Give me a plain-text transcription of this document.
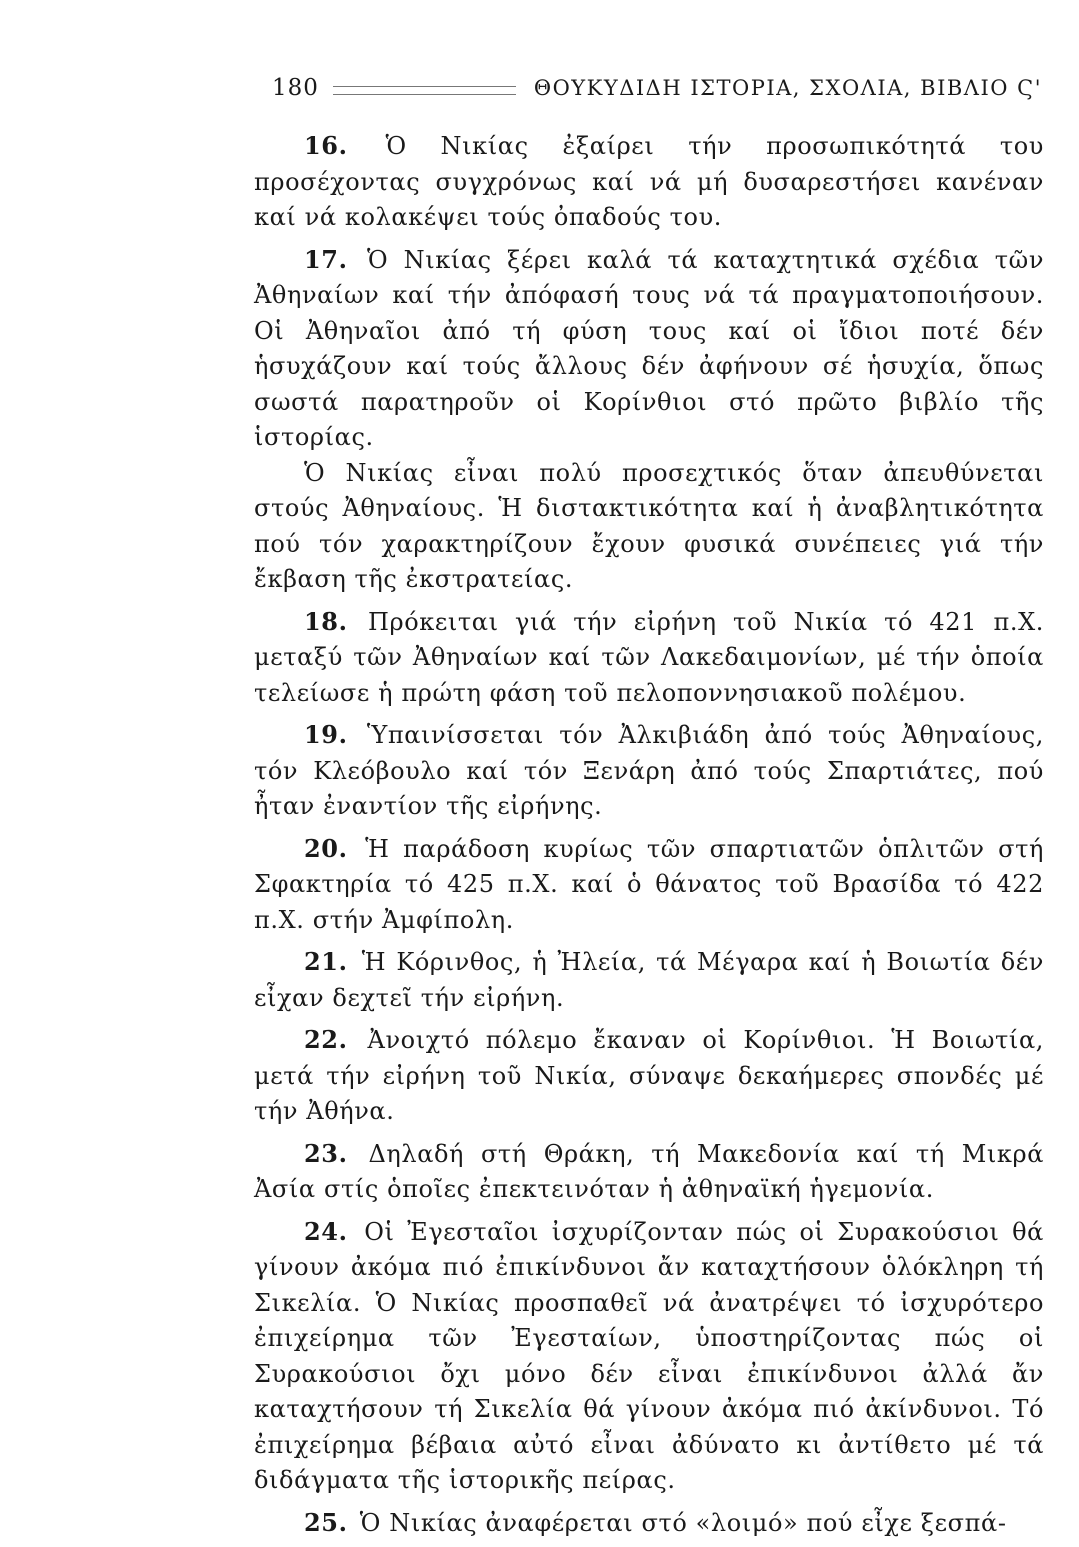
180	ΘΟΥΚΥΔΙΔΗ ΙΣΤΟΡΙΑ, ΣΧΟΛΙΑ, ΒΙΒΛΙΟ Ϛ'

16. Ὁ Νικίας ἐξαίρει τήν προσωπικότητά του προσέχοντας συγχρόνως καί νά μή δυσαρεστήσει κανέναν καί νά κολακέψει τούς ὀπαδούς του.

17. Ὁ Νικίας ξέρει καλά τά καταχτητικά σχέδια τῶν Ἀθηναίων καί τήν ἀπόφασή τους νά τά πραγματοποιήσουν. Οἱ Ἀθηναῖοι ἀπό τή φύση τους καί οἱ ἴδιοι ποτέ δέν ἡσυχάζουν καί τούς ἄλλους δέν ἀφήνουν σέ ἡσυχία, ὅπως σωστά παρατηροῦν οἱ Κορίνθιοι στό πρῶτο βιβλίο τῆς ἱστορίας.

Ὁ Νικίας εἶναι πολύ προσεχτικός ὅταν ἀπευθύνεται στούς Ἀθηναίους. Ἡ διστακτικότητα καί ἡ ἀναβλητικότητα πού τόν χαρακτηρίζουν ἔχουν φυσικά συνέπειες γιά τήν ἔκβαση τῆς ἐκστρατείας.

18. Πρόκειται γιά τήν εἰρήνη τοῦ Νικία τό 421 π.Χ. μεταξύ τῶν Ἀθηναίων καί τῶν Λακεδαιμονίων, μέ τήν ὁποία τελείωσε ἡ πρώτη φάση τοῦ πελοποννησιακοῦ πολέμου.

19. Ὑπαινίσσεται τόν Ἀλκιβιάδη ἀπό τούς Ἀθηναίους, τόν Κλεόβουλο καί τόν Ξενάρη ἀπό τούς Σπαρτιάτες, πού ἦταν ἐναντίον τῆς εἰρήνης.

20. Ἡ παράδοση κυρίως τῶν σπαρτιατῶν ὁπλιτῶν στή Σφακτηρία τό 425 π.Χ. καί ὁ θάνατος τοῦ Βρασίδα τό 422 π.Χ. στήν Ἀμφίπολη.

21. Ἡ Κόρινθος, ἡ Ἠλεία, τά Μέγαρα καί ἡ Βοιωτία δέν εἶχαν δεχτεῖ τήν εἰρήνη.

22. Ἀνοιχτό πόλεμο ἔκαναν οἱ Κορίνθιοι. Ἡ Βοιωτία, μετά τήν εἰρήνη τοῦ Νικία, σύναψε δεκαήμερες σπονδές μέ τήν Ἀθήνα.

23. Δηλαδή στή Θράκη, τή Μακεδονία καί τή Μικρά Ἀσία στίς ὁποῖες ἐπεκτεινόταν ἡ ἀθηναϊκή ἡγεμονία.

24. Οἱ Ἐγεσταῖοι ἰσχυρίζονταν πώς οἱ Συρακούσιοι θά γίνουν ἀκόμα πιό ἐπικίνδυνοι ἄν καταχτήσουν ὁλόκληρη τή Σικελία. Ὁ Νικίας προσπαθεῖ νά ἀνατρέψει τό ἰσχυρότερο ἐπιχείρημα τῶν Ἐγεσταίων, ὑποστηρίζοντας πώς οἱ Συρακούσιοι ὄχι μόνο δέν εἶναι ἐπικίνδυνοι ἀλλά ἄν καταχτήσουν τή Σικελία θά γίνουν ἀκόμα πιό ἀκίνδυνοι. Τό ἐπιχείρημα βέβαια αὐτό εἶναι ἀδύνατο κι ἀντίθετο μέ τά διδάγματα τῆς ἱστορικῆς πείρας.

25. Ὁ Νικίας ἀναφέρεται στό «λοιμό» πού εἶχε ξεσπά-
